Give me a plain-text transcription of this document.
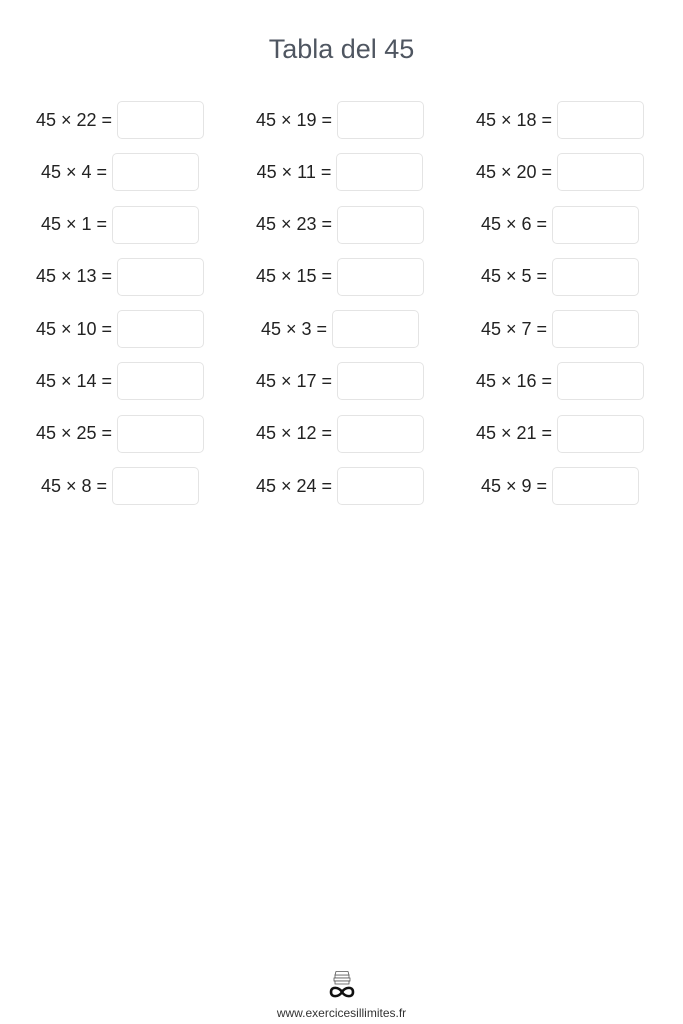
Tabla del 45
45 × 22 =	45 × 19 =	45 × 18 =
45 × 4 =	45 × 11 =	45 × 20 =
45 × 1 =	45 × 23 =	45 × 6 =
45 × 13 =	45 × 15 =	45 × 5 =
45 × 10 =	45 × 3 =	45 × 7 =
45 × 14 =	45 × 17 =	45 × 16 =
45 × 25 =	45 × 12 =	45 × 21 =
45 × 8 =	45 × 24 =	45 × 9 =
www.exercicesillimites.fr
